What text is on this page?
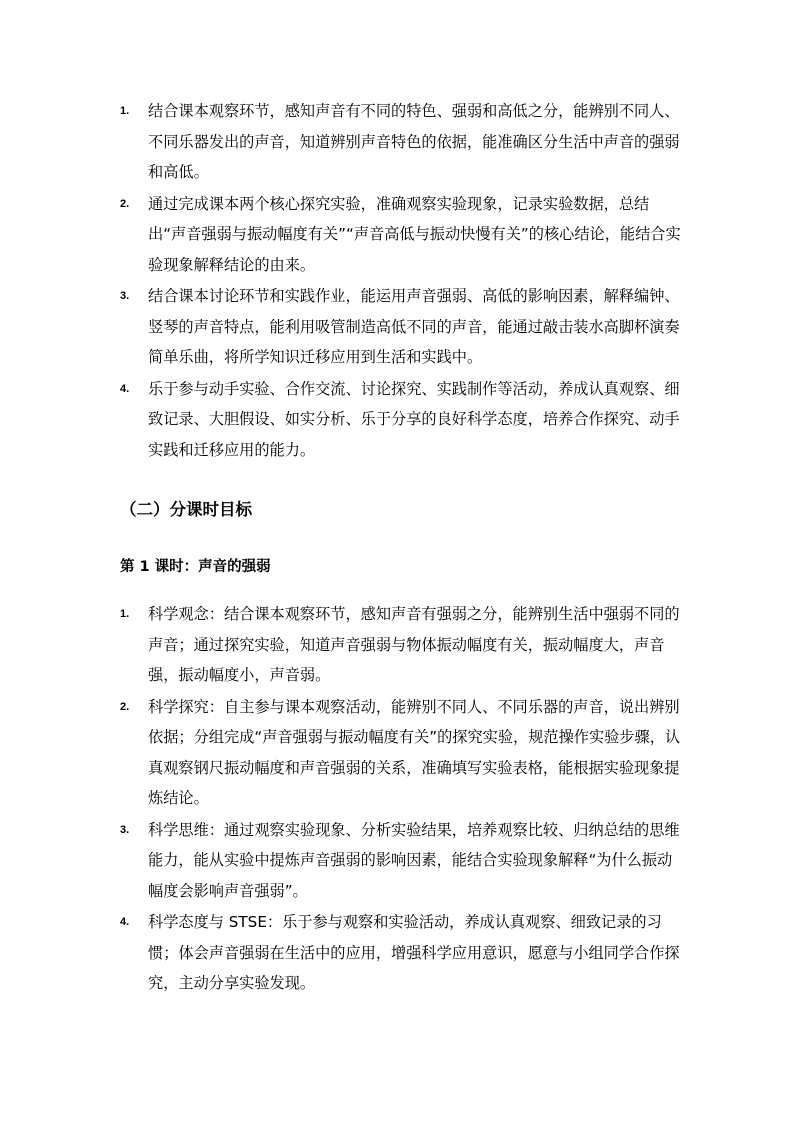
1. 结合课本观察环节，感知声音有不同的特色、强弱和高低之分，能辨别不同人、不同乐器发出的声音，知道辨别声音特色的依据，能准确区分生活中声音的强弱和高低。
2. 通过完成课本两个核心探究实验，准确观察实验现象，记录实验数据，总结出“声音强弱与振动幅度有关”“声音高低与振动快慢有关”的核心结论，能结合实验现象解释结论的由来。
3. 结合课本讨论环节和实践作业，能运用声音强弱、高低的影响因素，解释编钟、竖琴的声音特点，能利用吸管制造高低不同的声音，能通过敲击装水高脚杯演奏简单乐曲，将所学知识迁移应用到生活和实践中。
4. 乐于参与动手实验、合作交流、讨论探究、实践制作等活动，养成认真观察、细致记录、大胆假设、如实分析、乐于分享的良好科学态度，培养合作探究、动手实践和迁移应用的能力。
（二）分课时目标
第 1 课时：声音的强弱
1. 科学观念：结合课本观察环节，感知声音有强弱之分，能辨别生活中强弱不同的声音；通过探究实验，知道声音强弱与物体振动幅度有关，振动幅度大，声音强，振动幅度小，声音弱。
2. 科学探究：自主参与课本观察活动，能辨别不同人、不同乐器的声音，说出辨别依据；分组完成“声音强弱与振动幅度有关”的探究实验，规范操作实验步骤，认真观察钢尺振动幅度和声音强弱的关系，准确填写实验表格，能根据实验现象提炼结论。
3. 科学思维：通过观察实验现象、分析实验结果，培养观察比较、归纳总结的思维能力，能从实验中提炼声音强弱的影响因素，能结合实验现象解释“为什么振动幅度会影响声音强弱”。
4. 科学态度与 STSE：乐于参与观察和实验活动，养成认真观察、细致记录的习惯；体会声音强弱在生活中的应用，增强科学应用意识，愿意与小组同学合作探究，主动分享实验发现。
